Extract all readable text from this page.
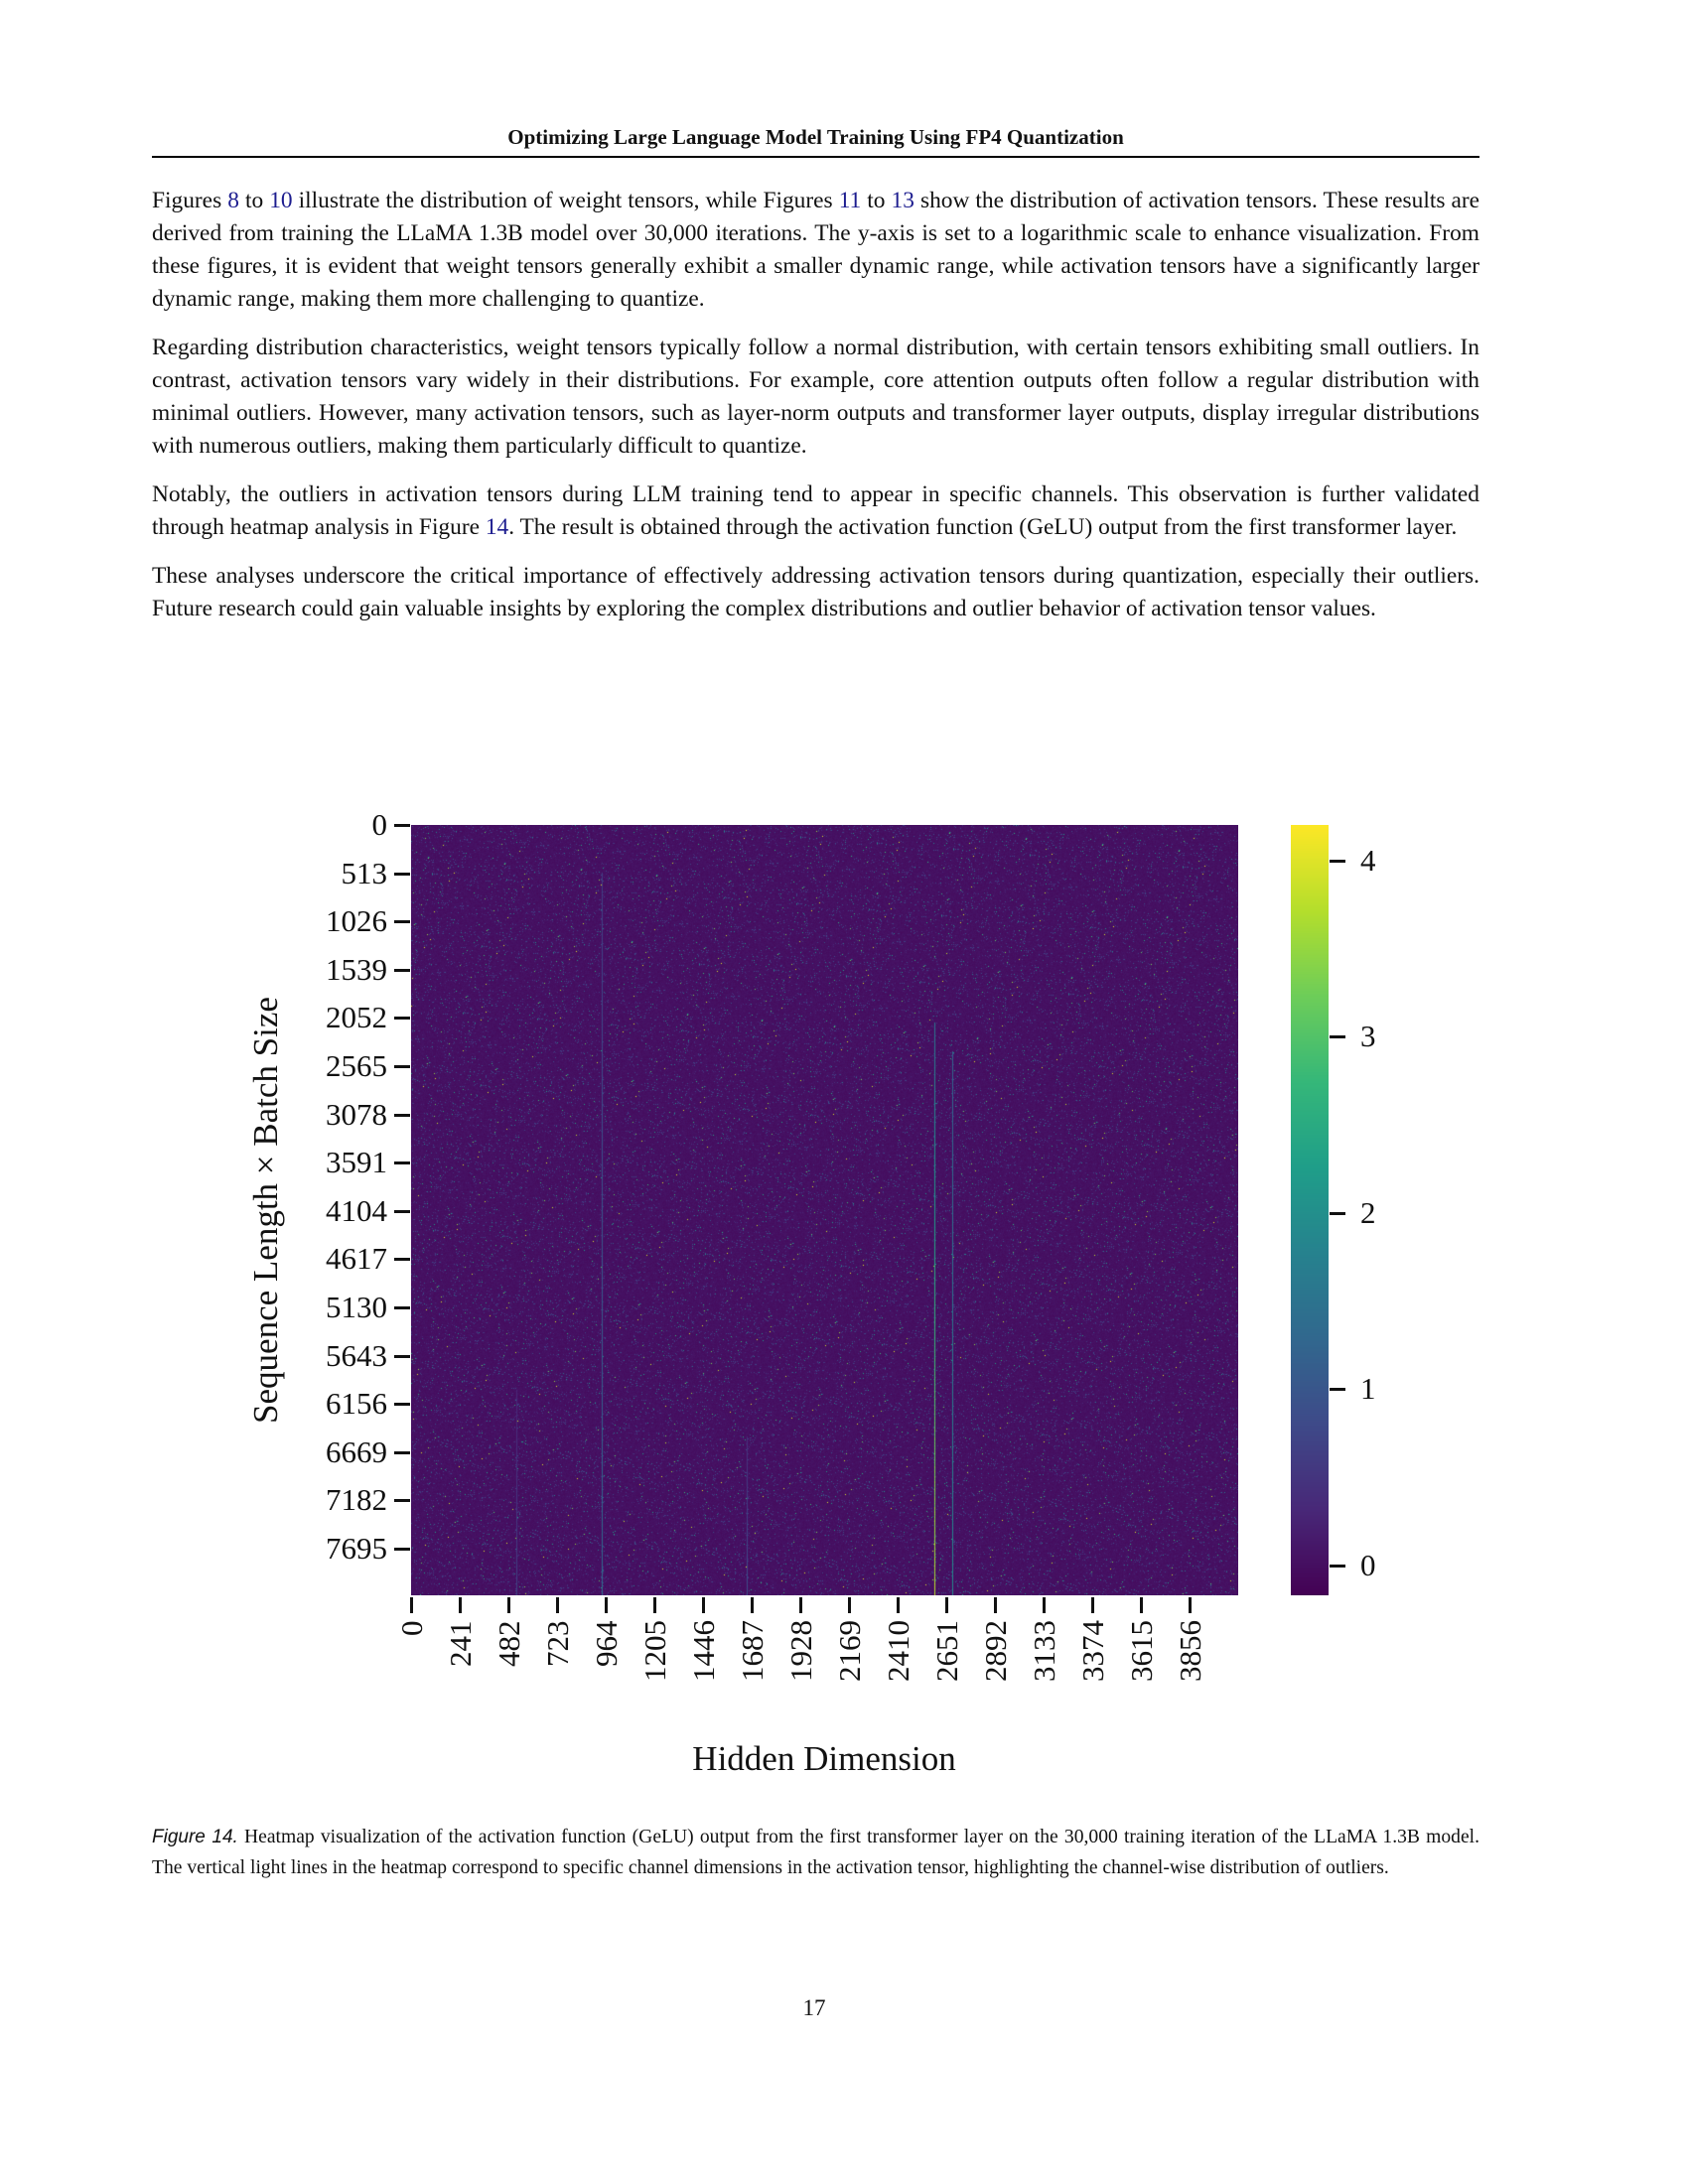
Optimizing Large Language Model Training Using FP4 Quantization

Figures 8 to 10 illustrate the distribution of weight tensors, while Figures 11 to 13 show the distribution of activation tensors. These results are derived from training the LLaMA 1.3B model over 30,000 iterations. The y-axis is set to a logarithmic scale to enhance visualization. From these figures, it is evident that weight tensors generally exhibit a smaller dynamic range, while activation tensors have a significantly larger dynamic range, making them more challenging to quantize.

Regarding distribution characteristics, weight tensors typically follow a normal distribution, with certain tensors exhibiting small outliers. In contrast, activation tensors vary widely in their distributions. For example, core attention outputs often follow a regular distribution with minimal outliers. However, many activation tensors, such as layer-norm outputs and transformer layer outputs, display irregular distributions with numerous outliers, making them particularly difficult to quantize.

Notably, the outliers in activation tensors during LLM training tend to appear in specific channels. This observation is further validated through heatmap analysis in Figure 14. The result is obtained through the activation function (GeLU) output from the first transformer layer.

These analyses underscore the critical importance of effectively addressing activation tensors during quantization, especially their outliers. Future research could gain valuable insights by exploring the complex distributions and outlier behavior of activation tensor values.

Sequence Length × Batch Size
Hidden Dimension
0
513
1026
1539
2052
2565
3078
3591
4104
4617
5130
5643
6156
6669
7182
7695
0 241 482 723 964 1205 1446 1687 1928 2169 2410 2651 2892 3133 3374 3615 3856
0
1
2
3
4
Figure 14. Heatmap visualization of the activation function (GeLU) output from the first transformer layer on the 30,000 training iteration of the LLaMA 1.3B model. The vertical light lines in the heatmap correspond to specific channel dimensions in the activation tensor, highlighting the channel-wise distribution of outliers.
17
